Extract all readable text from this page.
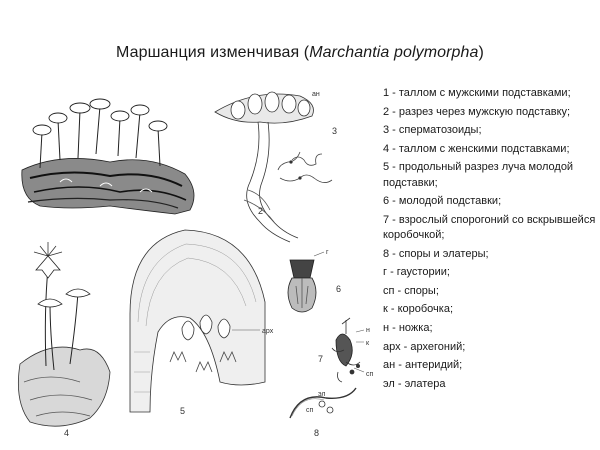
Маршанция изменчивая (Marchantia polymorpha)
2
3
4
5
6
7
8
ан
г
арх	н
к
сп
эл
сп
1 - таллом с мужскими подставками;
2 - разрез через мужскую подставку;
3 - сперматозоиды;
4 - таллом с женскими подставками;
5 - продольный разрез луча молодой подставки;
6 - молодой подставки;
7 - взрослый спорогоний со вскрывшейся коробочкой;
8 - споры и элатеры;
г - гаустории;
сп - споры;
к - коробочка;
н - ножка;
арх - архегоний;
ан - антеридий;
эл - элатера
